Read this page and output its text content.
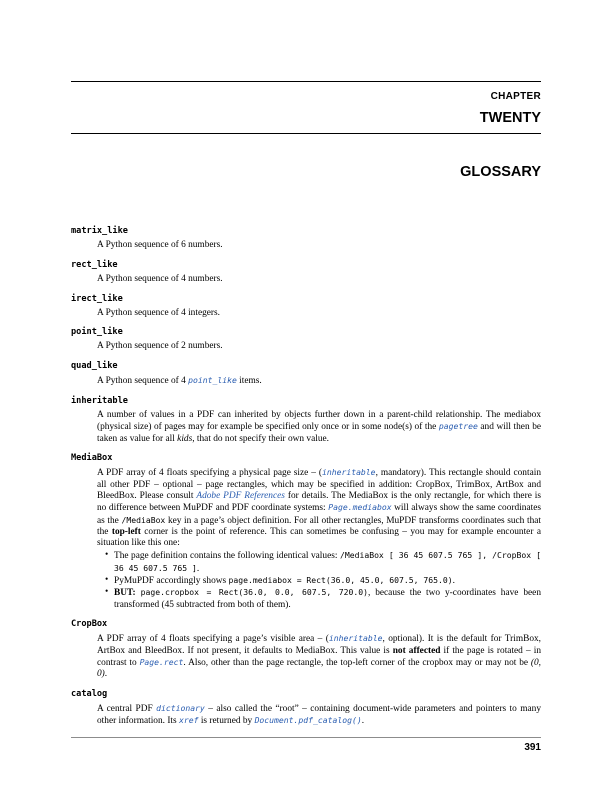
CHAPTER
TWENTY
GLOSSARY

matrix_like

A Python sequence of 6 numbers.

rect_like

A Python sequence of 4 numbers.

irect_like

A Python sequence of 4 integers.

point_like

A Python sequence of 2 numbers.

quad_like

A Python sequence of 4 point_like items.

inheritable

A number of values in a PDF can inherited by objects further down in a parent-child relationship. The mediabox (physical size) of pages may for example be specified only once or in some node(s) of the pagetree and will then be taken as value for all kids, that do not specify their own value.

MediaBox

A PDF array of 4 floats specifying a physical page size – (inheritable, mandatory). This rectangle should contain all other PDF – optional – page rectangles, which may be specified in addition: CropBox, TrimBox, ArtBox and BleedBox. Please consult Adobe PDF References for details. The MediaBox is the only rectangle, for which there is no difference between MuPDF and PDF coordinate systems: Page.mediabox will always show the same coordinates as the /MediaBox key in a page’s object definition. For all other rectangles, MuPDF transforms coordinates such that the top-left corner is the point of reference. This can sometimes be confusing – you may for example encounter a situation like this one:

• The page definition contains the following identical values: /MediaBox [ 36 45 607.5 765 ], /CropBox [ 36 45 607.5 765 ].
• PyMuPDF accordingly shows page.mediabox = Rect(36.0, 45.0, 607.5, 765.0).
• BUT: page.cropbox = Rect(36.0, 0.0, 607.5, 720.0), because the two y-coordinates have been transformed (45 subtracted from both of them).

CropBox

A PDF array of 4 floats specifying a page’s visible area – (inheritable, optional). It is the default for TrimBox, ArtBox and BleedBox. If not present, it defaults to MediaBox. This value is not affected if the page is rotated – in contrast to Page.rect. Also, other than the page rectangle, the top-left corner of the cropbox may or may not be (0, 0).

catalog

A central PDF dictionary – also called the “root” – containing document-wide parameters and pointers to many other information. Its xref is returned by Document.pdf_catalog().

391
